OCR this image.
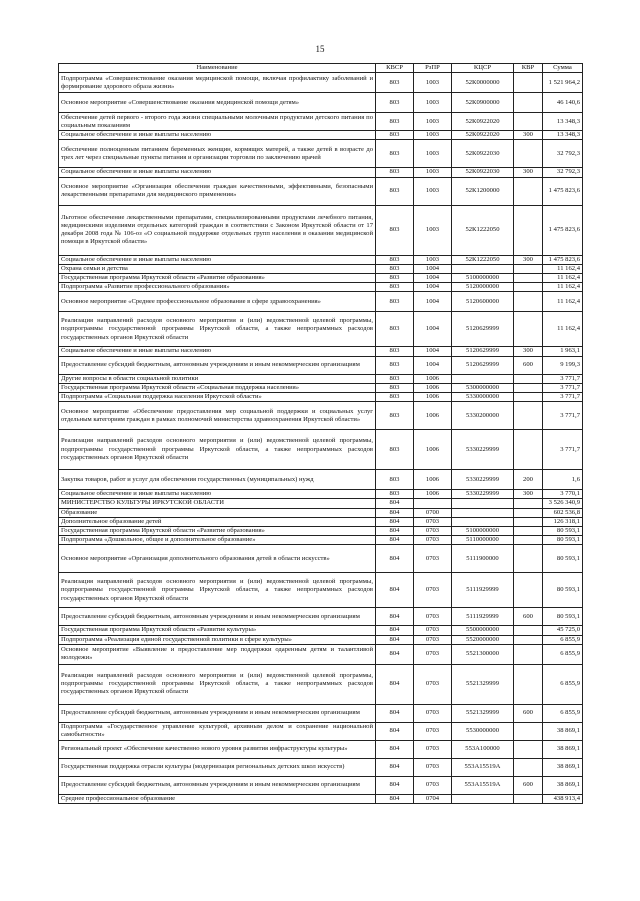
15
Наименование	КВСР	РзПР	КЦСР	КВР	Сумма
Подпрограмма «Совершенствование оказания медицинской помощи, включая профилактику заболеваний и формирование здорового образа жизни»	803	1003	52К0000000		1 521 964,2
Основное мероприятие «Совершенствование оказания медицинской помощи детям»	803	1003	52К0900000		46 140,6
Обеспечение детей первого - второго года жизни специальными молочными продуктами детского питания по социальным показаниям	803	1003	52К0922020		13 348,3
Социальное обеспечение и иные выплаты населению	803	1003	52К0922020	300	13 348,3
Обеспечение полноценным питанием беременных женщин, кормящих матерей, а также детей в возрасте до трех лет через специальные пункты питания и организации торговли по заключению врачей	803	1003	52К0922030		32 792,3
Социальное обеспечение и иные выплаты населению	803	1003	52К0922030	300	32 792,3
Основное мероприятие «Организация обеспечения граждан качественными, эффективными, безопасными лекарственными препаратами для медицинского применения»	803	1003	52К1200000		1 475 823,6
Льготное обеспечение лекарственными препаратами, специализированными продуктами лечебного питания, медицинскими изделиями отдельных категорий граждан в соответствии с Законом Иркутской области от 17 декабря 2008 года № 106-оз «О социальной поддержке отдельных групп населения в оказании медицинской помощи в Иркутской области»	803	1003	52К1222050		1 475 823,6
Социальное обеспечение и иные выплаты населению	803	1003	52К1222050	300	1 475 823,6
Охрана семьи и детства	803	1004			11 162,4
Государственная программа Иркутской области «Развитие образования»	803	1004	5100000000		11 162,4
Подпрограмма «Развитие профессионального образования»	803	1004	5120000000		11 162,4
Основное мероприятие «Среднее профессиональное образование в сфере здравоохранения»	803	1004	5120600000		11 162,4
Реализация направлений расходов основного мероприятия и (или) ведомственной целевой программы, подпрограммы государственной программы Иркутской области, а также непрограммных расходов государственных органов Иркутской области	803	1004	5120629999		11 162,4
Социальное обеспечение и иные выплаты населению	803	1004	5120629999	300	1 963,1
Предоставление субсидий бюджетным, автономным учреждениям и иным некоммерческим организациям	803	1004	5120629999	600	9 199,3
Другие вопросы в области социальной политики	803	1006			3 771,7
Государственная программа Иркутской области «Социальная поддержка населения»	803	1006	5300000000		3 771,7
Подпрограмма «Социальная поддержка населения Иркутской области»	803	1006	5330000000		3 771,7
Основное мероприятие «Обеспечение предоставления мер социальной поддержки и социальных услуг отдельным категориям граждан в рамках полномочий министерства здравоохранения Иркутской области»	803	1006	5330200000		3 771,7
Реализация направлений расходов основного мероприятия и (или) ведомственной целевой программы, подпрограммы государственной программы Иркутской области, а также непрограммных расходов государственных органов Иркутской области	803	1006	5330229999		3 771,7
Закупка товаров, работ и услуг для обеспечения государственных (муниципальных) нужд	803	1006	5330229999	200	1,6
Социальное обеспечение и иные выплаты населению	803	1006	5330229999	300	3 770,1
МИНИСТЕРСТВО КУЛЬТУРЫ ИРКУТСКОЙ ОБЛАСТИ	804				3 526 340,9
Образование	804	0700			602 536,8
Дополнительное образование детей	804	0703			126 318,1
Государственная программа Иркутской области «Развитие образования»	804	0703	5100000000		80 593,1
Подпрограмма «Дошкольное, общее и дополнительное образование»	804	0703	5110000000		80 593,1
Основное мероприятие «Организация дополнительного образования детей в области искусств»	804	0703	5111900000		80 593,1
Реализация направлений расходов основного мероприятия и (или) ведомственной целевой программы, подпрограммы государственной программы Иркутской области, а также непрограммных расходов государственных органов Иркутской области	804	0703	5111929999		80 593,1
Предоставление субсидий бюджетным, автономным учреждениям и иным некоммерческим организациям	804	0703	5111929999	600	80 593,1
Государственная программа Иркутской области «Развитие культуры»	804	0703	5500000000		45 725,0
Подпрограмма «Реализация единой государственной политики в сфере культуры»	804	0703	5520000000		6 855,9
Основное мероприятие «Выявление и предоставление мер поддержки одаренным детям и талантливой молодежи»	804	0703	5521300000		6 855,9
Реализация направлений расходов основного мероприятия и (или) ведомственной целевой программы, подпрограммы государственной программы Иркутской области, а также непрограммных расходов государственных органов Иркутской области	804	0703	5521329999		6 855,9
Предоставление субсидий бюджетным, автономным учреждениям и иным некоммерческим организациям	804	0703	5521329999	600	6 855,9
Подпрограмма «Государственное управление культурой, архивным делом и сохранение национальной самобытности»	804	0703	5530000000		38 869,1
Региональный проект «Обеспечение качественно нового уровня развития инфраструктуры культуры»	804	0703	553А100000		38 869,1
Государственная поддержка отрасли культуры (модернизация региональных детских школ искусств)	804	0703	553А15519А		38 869,1
Предоставление субсидий бюджетным, автономным учреждениям и иным некоммерческим организациям	804	0703	553А15519А	600	38 869,1
Среднее профессиональное образование	804	0704			438 913,4
